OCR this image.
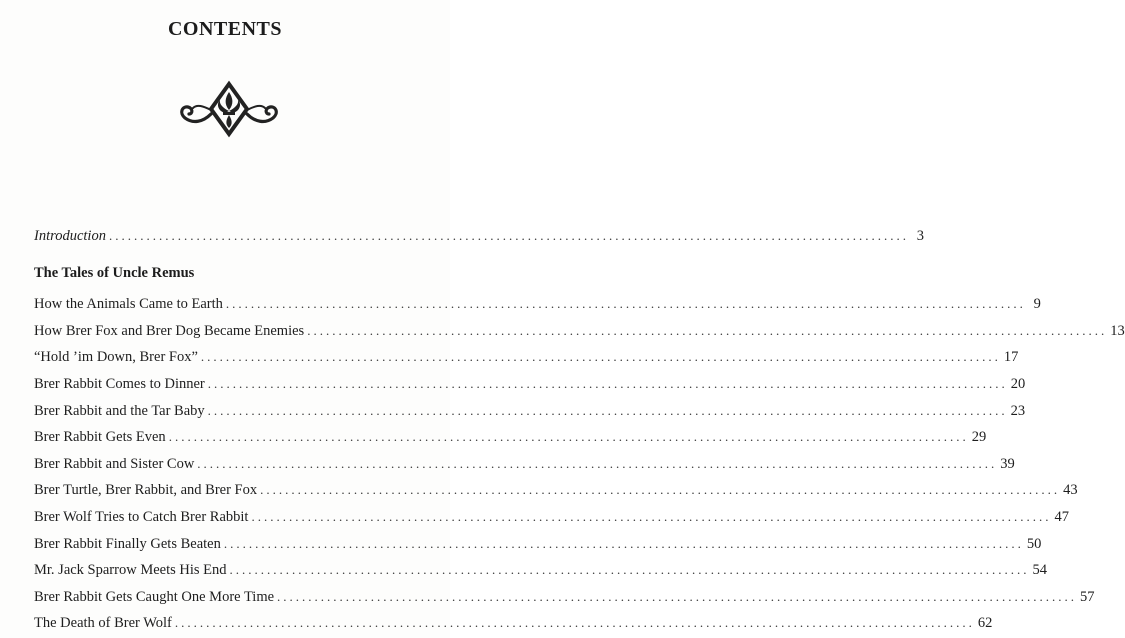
CONTENTS
Introduction ................................................................................................................................ 3
The Tales of Uncle Remus
How the Animals Came to Earth ................................................................................................................................ 9
How Brer Fox and Brer Dog Became Enemies ................................................................................................................................ 13
“Hold ’im Down, Brer Fox” ................................................................................................................................ 17
Brer Rabbit Comes to Dinner ................................................................................................................................ 20
Brer Rabbit and the Tar Baby ................................................................................................................................ 23
Brer Rabbit Gets Even ................................................................................................................................ 29
Brer Rabbit and Sister Cow ................................................................................................................................ 39
Brer Turtle, Brer Rabbit, and Brer Fox ................................................................................................................................ 43
Brer Wolf Tries to Catch Brer Rabbit ................................................................................................................................ 47
Brer Rabbit Finally Gets Beaten ................................................................................................................................ 50
Mr. Jack Sparrow Meets His End ................................................................................................................................ 54
Brer Rabbit Gets Caught One More Time ................................................................................................................................ 57
The Death of Brer Wolf ................................................................................................................................ 62
